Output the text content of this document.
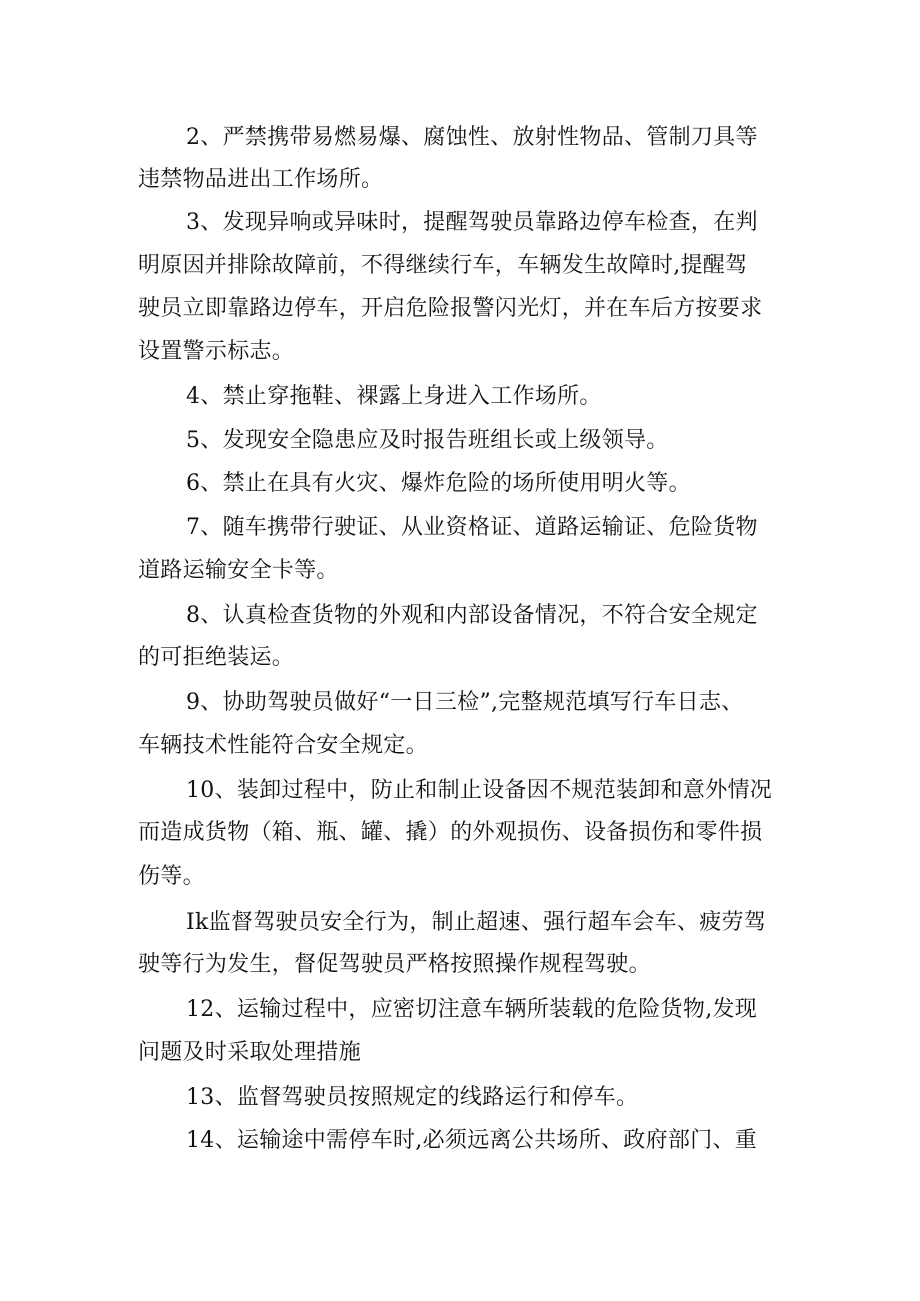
2、严禁携带易燃易爆、腐蚀性、放射性物品、管制刀具等
违禁物品进出工作场所。
3、发现异响或异味时，提醒驾驶员靠路边停车检查，在判
明原因并排除故障前，不得继续行车，车辆发生故障时,提醒驾
驶员立即靠路边停车，开启危险报警闪光灯，并在车后方按要求
设置警示标志。
4、禁止穿拖鞋、裸露上身进入工作场所。
5、发现安全隐患应及时报告班组长或上级领导。
6、禁止在具有火灾、爆炸危险的场所使用明火等。
7、随车携带行驶证、从业资格证、道路运输证、危险货物
道路运输安全卡等。
8、认真检查货物的外观和内部设备情况，不符合安全规定
的可拒绝装运。
9、协助驾驶员做好“一日三检”,完整规范填写行车日志、
车辆技术性能符合安全规定。
10、装卸过程中，防止和制止设备因不规范装卸和意外情况
而造成货物（箱、瓶、罐、撬）的外观损伤、设备损伤和零件损
伤等。
Ik监督驾驶员安全行为，制止超速、强行超车会车、疲劳驾
驶等行为发生，督促驾驶员严格按照操作规程驾驶。
12、运输过程中，应密切注意车辆所装载的危险货物,发现
问题及时采取处理措施
13、监督驾驶员按照规定的线路运行和停车。
14、运输途中需停车时,必须远离公共场所、政府部门、重
